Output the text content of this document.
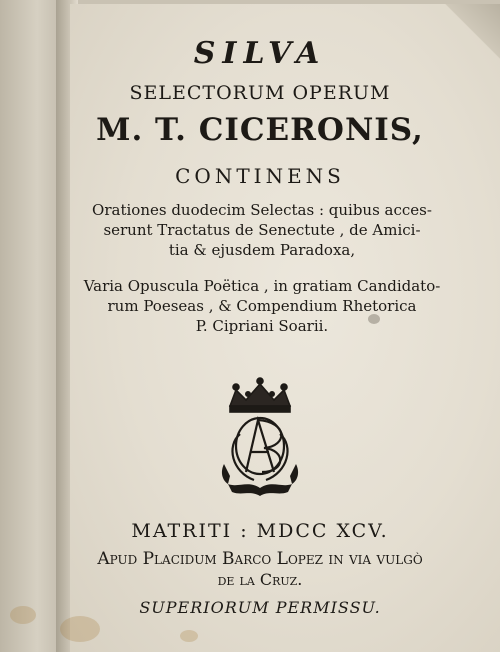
SILVA
SELECTORUM OPERUM
M. T. CICERONIS,
CONTINENS
Orationes duodecim Selectas : quibus acces-
serunt Tractatus de Senectute , de Amici-
tia & ejusdem Paradoxa,
Varia Opuscula Poëtica , in gratiam Candidato-
rum Poeseas , & Compendium Rhetorica
P. Cipriani Soarii.
MATRITI : MDCC XCV.
Apud Placidum Barco Lopez in via vulgò
de la Cruz.
SUPERIORUM PERMISSU.
